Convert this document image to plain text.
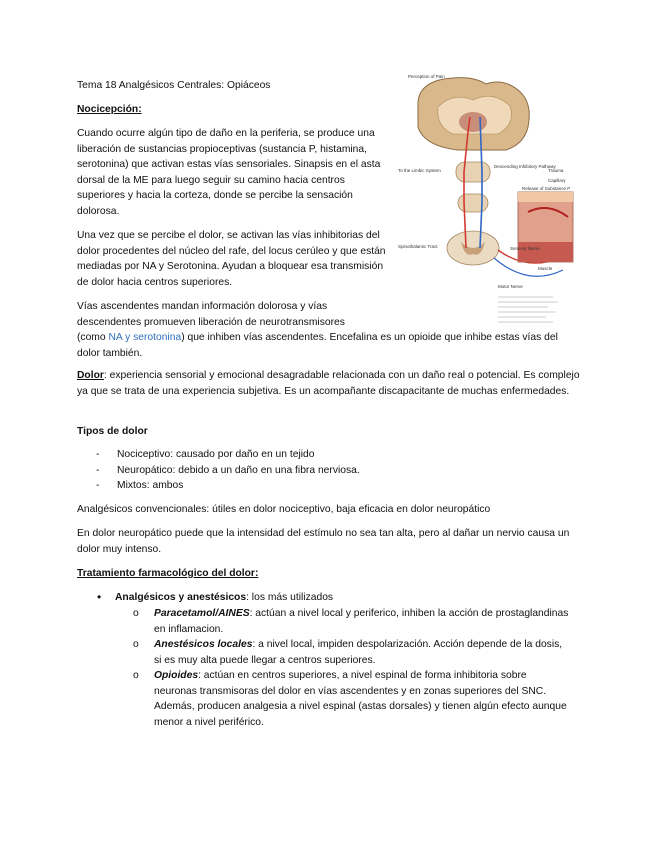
Tema 18 Analgésicos Centrales: Opiáceos

Nocicepción:

Cuando ocurre algún tipo de daño en la periferia, se produce una liberación de sustancias propioceptivas (sustancia P, histamina, serotonina) que activan estas vías sensoriales. Sinapsis en el asta dorsal de la ME para luego seguir su camino hacia centros superiores y hacia la corteza, donde se percibe la sensación dolorosa.

Una vez que se percibe el dolor, se activan las vías inhibitorias del dolor procedentes del núcleo del rafe, del locus cerúleo y que están mediadas por NA y Serotonina. Ayudan a bloquear esa transmisión de dolor hacia centros superiores.

Vías ascendentes mandan información dolorosa y vías descendentes promueven liberación de neurotransmisores
(como NA y serotonina) que inhiben vías ascendentes. Encefalina es un opioide que inhibe estas vías del dolor también.
Perception of Pain
To the Limbic System
Spinothalamic Tract
Descending Inhibitory Pathway
Trauma
Capillary
Release of Substance P
Sensory Nerve
Motor Nerve
Muscle

Dolor: experiencia sensorial y emocional desagradable relacionada con un daño real o potencial. Es complejo ya que se trata de una experiencia subjetiva. Es un acompañante discapacitante de muchas enfermedades.

Tipos de dolor

- Nociceptivo: causado por daño en un tejido
- Neuropático: debido a un daño en una fibra nerviosa.
- Mixtos: ambos

Analgésicos convencionales: útiles en dolor nociceptivo, baja eficacia en dolor neuropático

En dolor neuropático puede que la intensidad del estímulo no sea tan alta, pero al dañar un nervio causa un dolor muy intenso.

Tratamiento farmacológico del dolor:

• Analgésicos y anestésicos: los más utilizados
o Paracetamol/AINES: actúan a nivel local y periferico, inhiben la acción de prostaglandinas en inflamacion.
o Anestésicos locales: a nivel local, impiden despolarización. Acción depende de la dosis, si es muy alta puede llegar a centros superiores.
o Opioides: actúan en centros superiores, a nivel espinal de forma inhibitoria sobre neuronas transmisoras del dolor en vías ascendentes y en zonas superiores del SNC. Además, producen analgesia a nivel espinal (astas dorsales) y tienen algún efecto aunque menor a nivel periférico.
